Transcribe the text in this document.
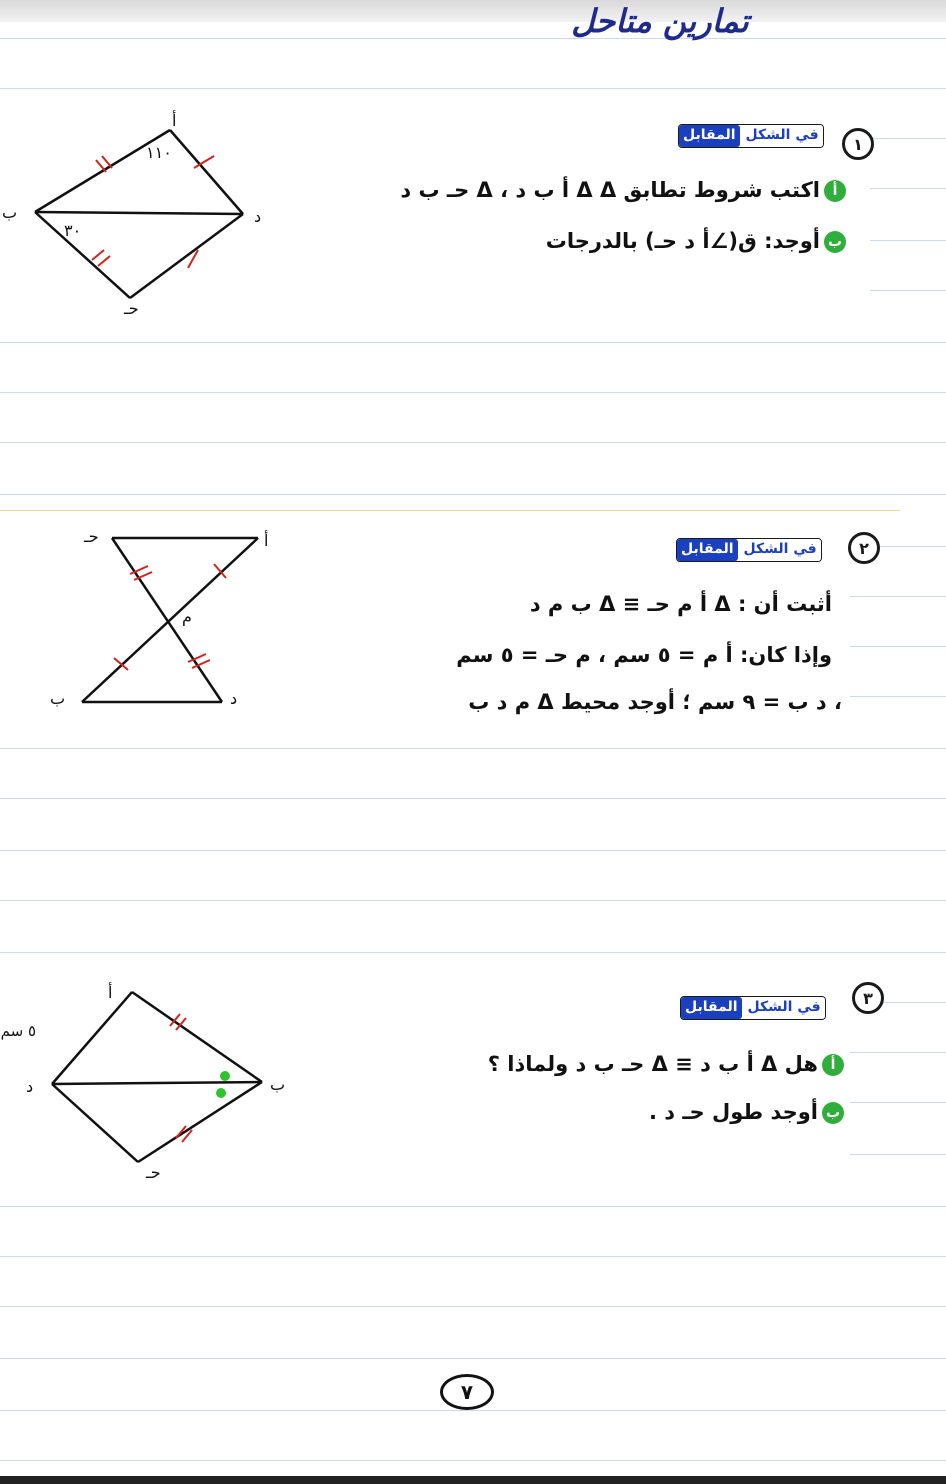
تمارين متاحل
١
في الشكل
المقابل
أاكتب شروط تطابق Δ Δ أ ب د ، Δ حـ ب د
بأوجد: ق(∠أ د حـ) بالدرجات
أ
ب	د
حـ
١١٠
٣٠
٢
في الشكل
المقابل
أثبت أن : Δ أ م حـ ≡ Δ ب م د
وإذا كان: أ م = ٥ سم ، م حـ = ٥ سم
، د ب = ٩ سم ؛ أوجد محيط Δ م د ب
حـ	أ
م
ب	د
٣
في الشكل
المقابل
أهل Δ أ ب د ≡ Δ حـ ب د ولماذا ؟
بأوجد طول حـ د .
أ
ب
د
حـ
٥ سم
٧
